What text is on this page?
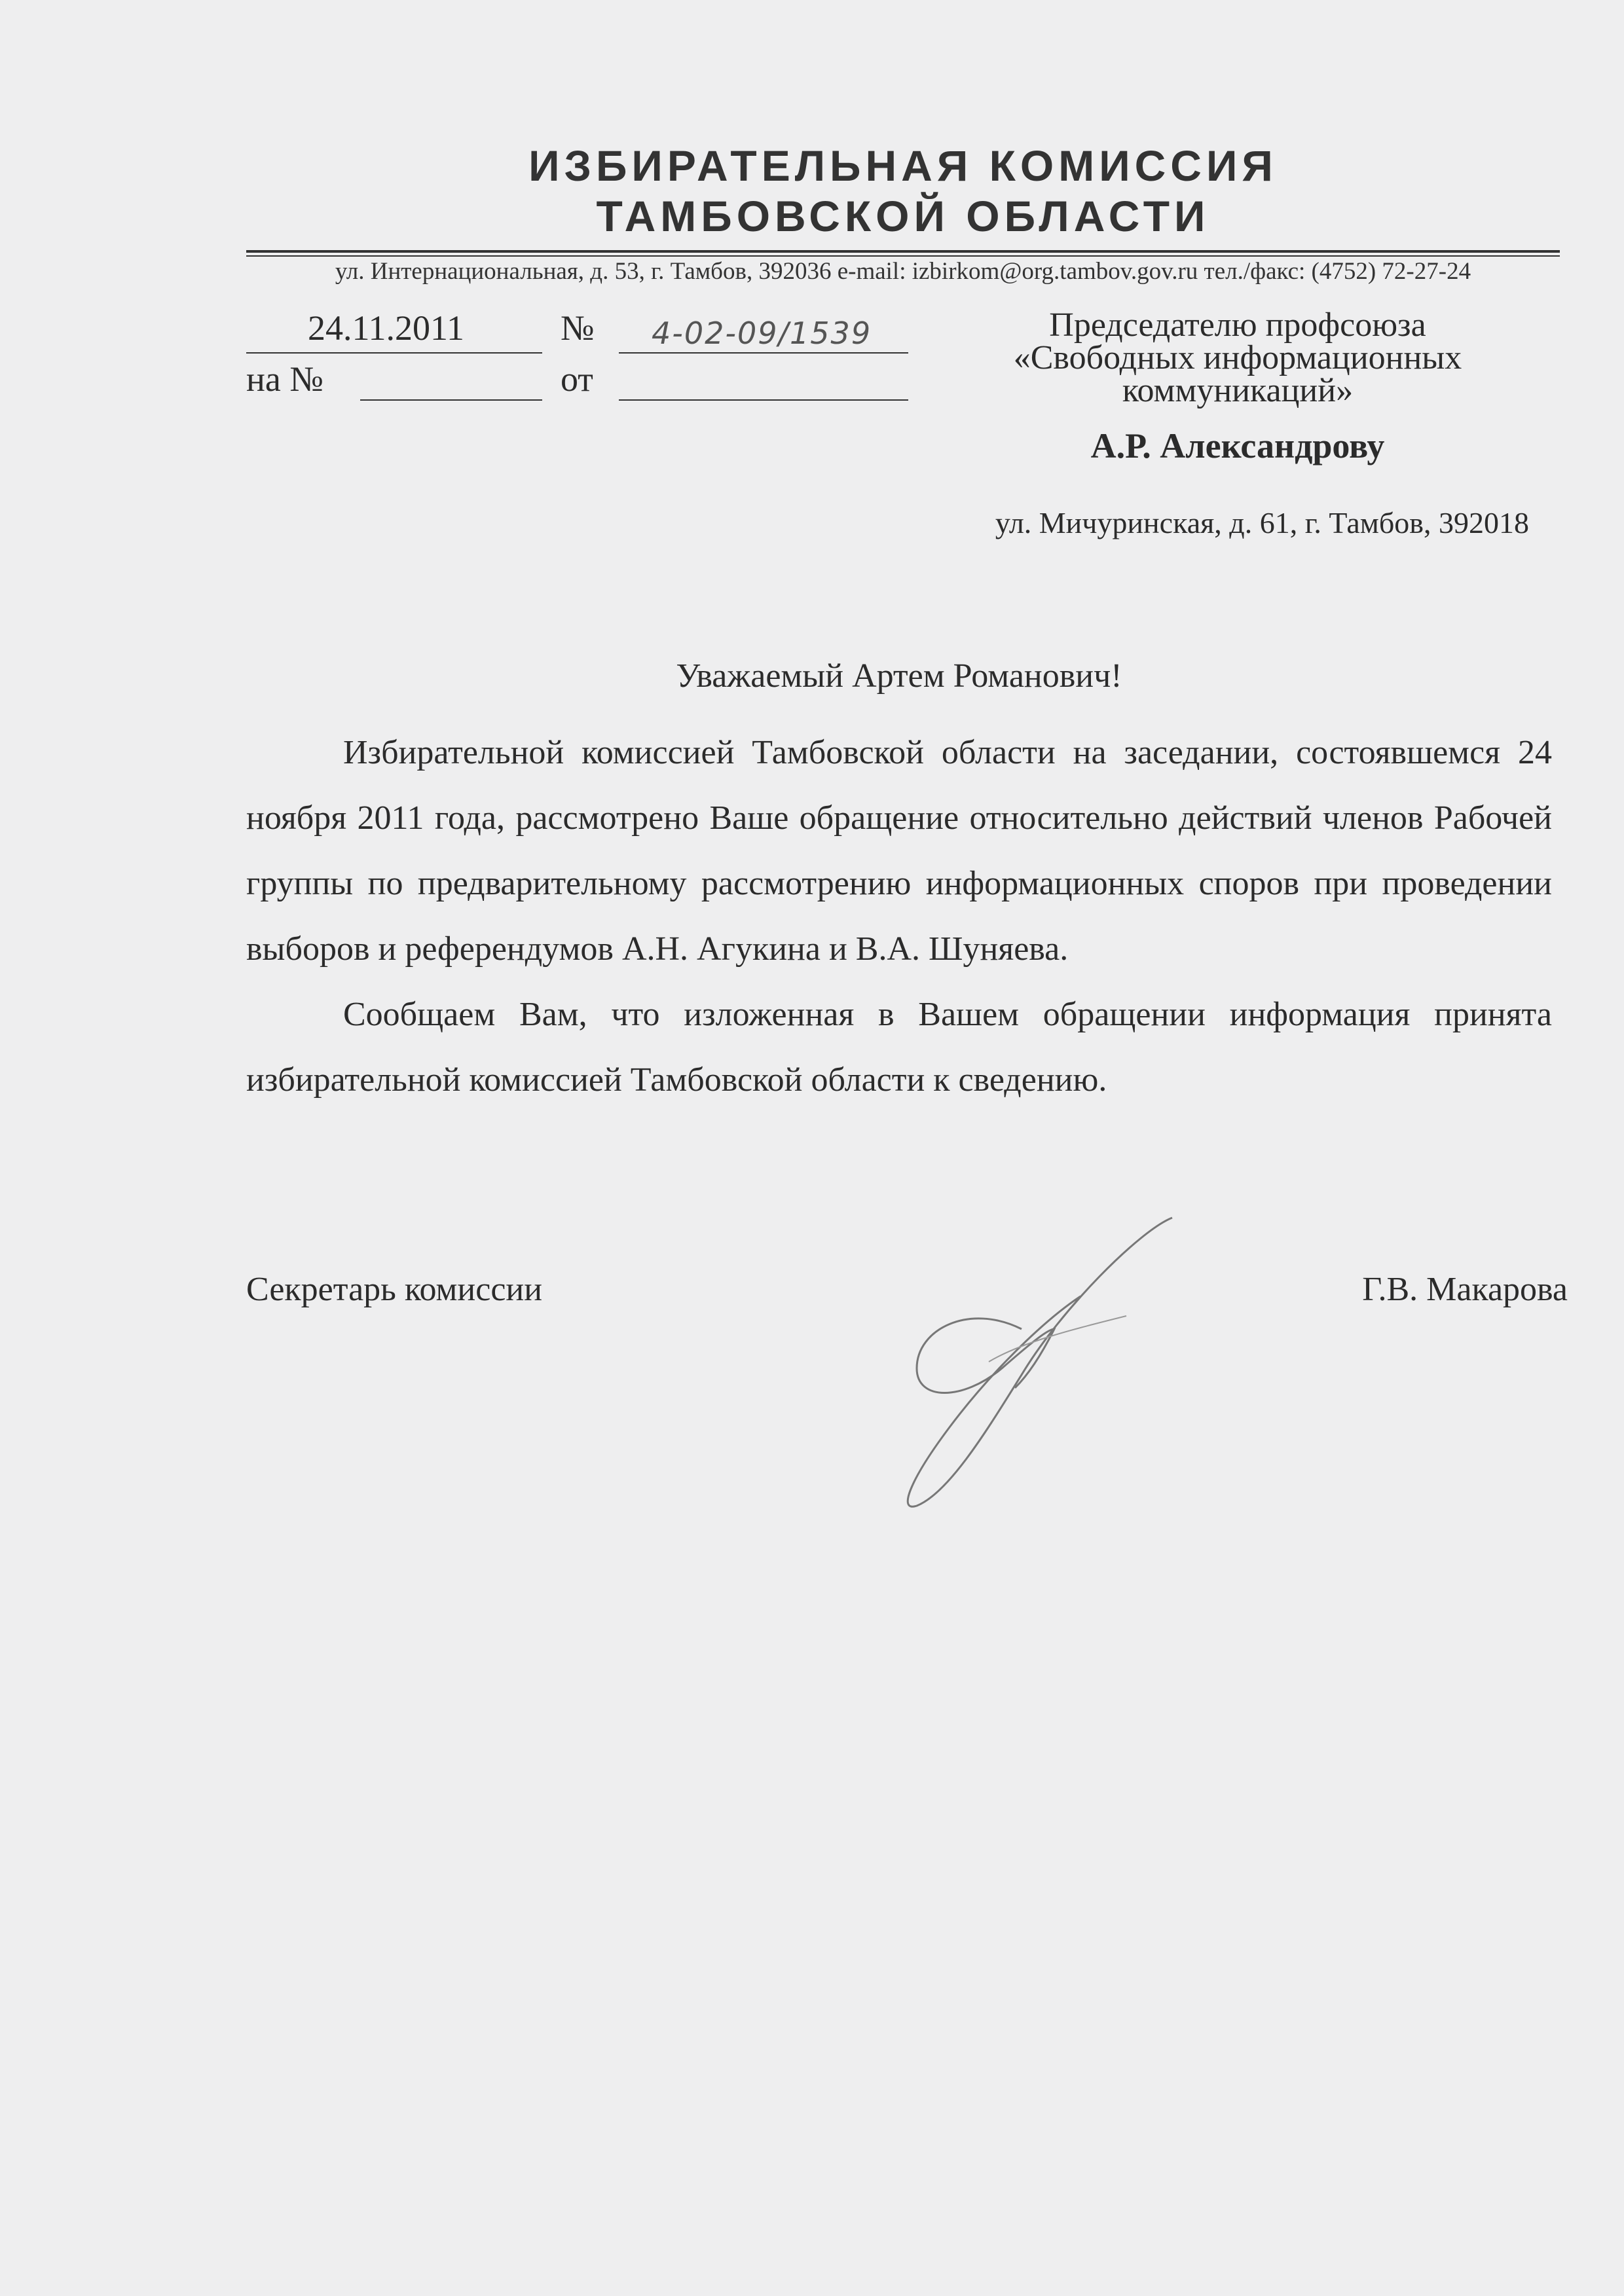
ИЗБИРАТЕЛЬНАЯ КОМИССИЯ
ТАМБОВСКОЙ ОБЛАСТИ
ул. Интернациональная, д. 53, г. Тамбов, 392036 e-mail: izbirkom@org.tambov.gov.ru тел./факс: (4752) 72-27-24
24.11.2011	№ 4-02-09/1539
на №	от
Председателю профсоюза
«Свободных информационных
коммуникаций»
А.Р. Александрову
ул. Мичуринская, д. 61, г. Тамбов, 392018
Уважаемый Артем Романович!

Избирательной комиссией Тамбовской области на заседании, состоявшемся 24 ноября 2011 года, рассмотрено Ваше обращение относительно действий членов Рабочей группы по предварительному рассмотрению информационных споров при проведении выборов и референдумов А.Н. Агукина и В.А. Шуняева.

Сообщаем Вам, что изложенная в Вашем обращении информация принята избирательной комиссией Тамбовской области к сведению.

Секретарь комиссии	Г.В. Макарова
